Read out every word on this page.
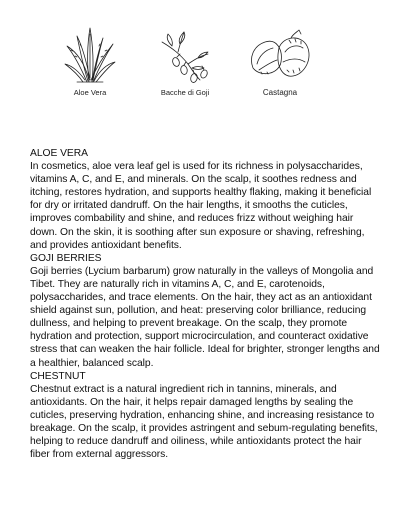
Aloe Vera	Bacche di Goji	Castagna

ALOE VERA

In cosmetics, aloe vera leaf gel is used for its richness in polysaccharides, vitamins A, C, and E, and minerals. On the scalp, it soothes redness and itching, restores hydration, and supports healthy flaking, making it beneficial for dry or irritated dandruff. On the hair lengths, it smooths the cuticles, improves combability and shine, and reduces frizz without weighing hair down. On the skin, it is soothing after sun exposure or shaving, refreshing, and provides antioxidant benefits.

GOJI BERRIES

Goji berries (Lycium barbarum) grow naturally in the valleys of Mongolia and Tibet. They are naturally rich in vitamins A, C, and E, carotenoids, polysaccharides, and trace elements. On the hair, they act as an antioxidant shield against sun, pollution, and heat: preserving color brilliance, reducing dullness, and helping to prevent breakage. On the scalp, they promote hydration and protection, support microcirculation, and counteract oxidative stress that can weaken the hair follicle. Ideal for brighter, stronger lengths and a healthier, balanced scalp.

CHESTNUT

Chestnut extract is a natural ingredient rich in tannins, minerals, and antioxidants. On the hair, it helps repair damaged lengths by sealing the cuticles, preserving hydration, enhancing shine, and increasing resistance to breakage. On the scalp, it provides astringent and sebum-regulating benefits, helping to reduce dandruff and oiliness, while antioxidants protect the hair fiber from external aggressors.
